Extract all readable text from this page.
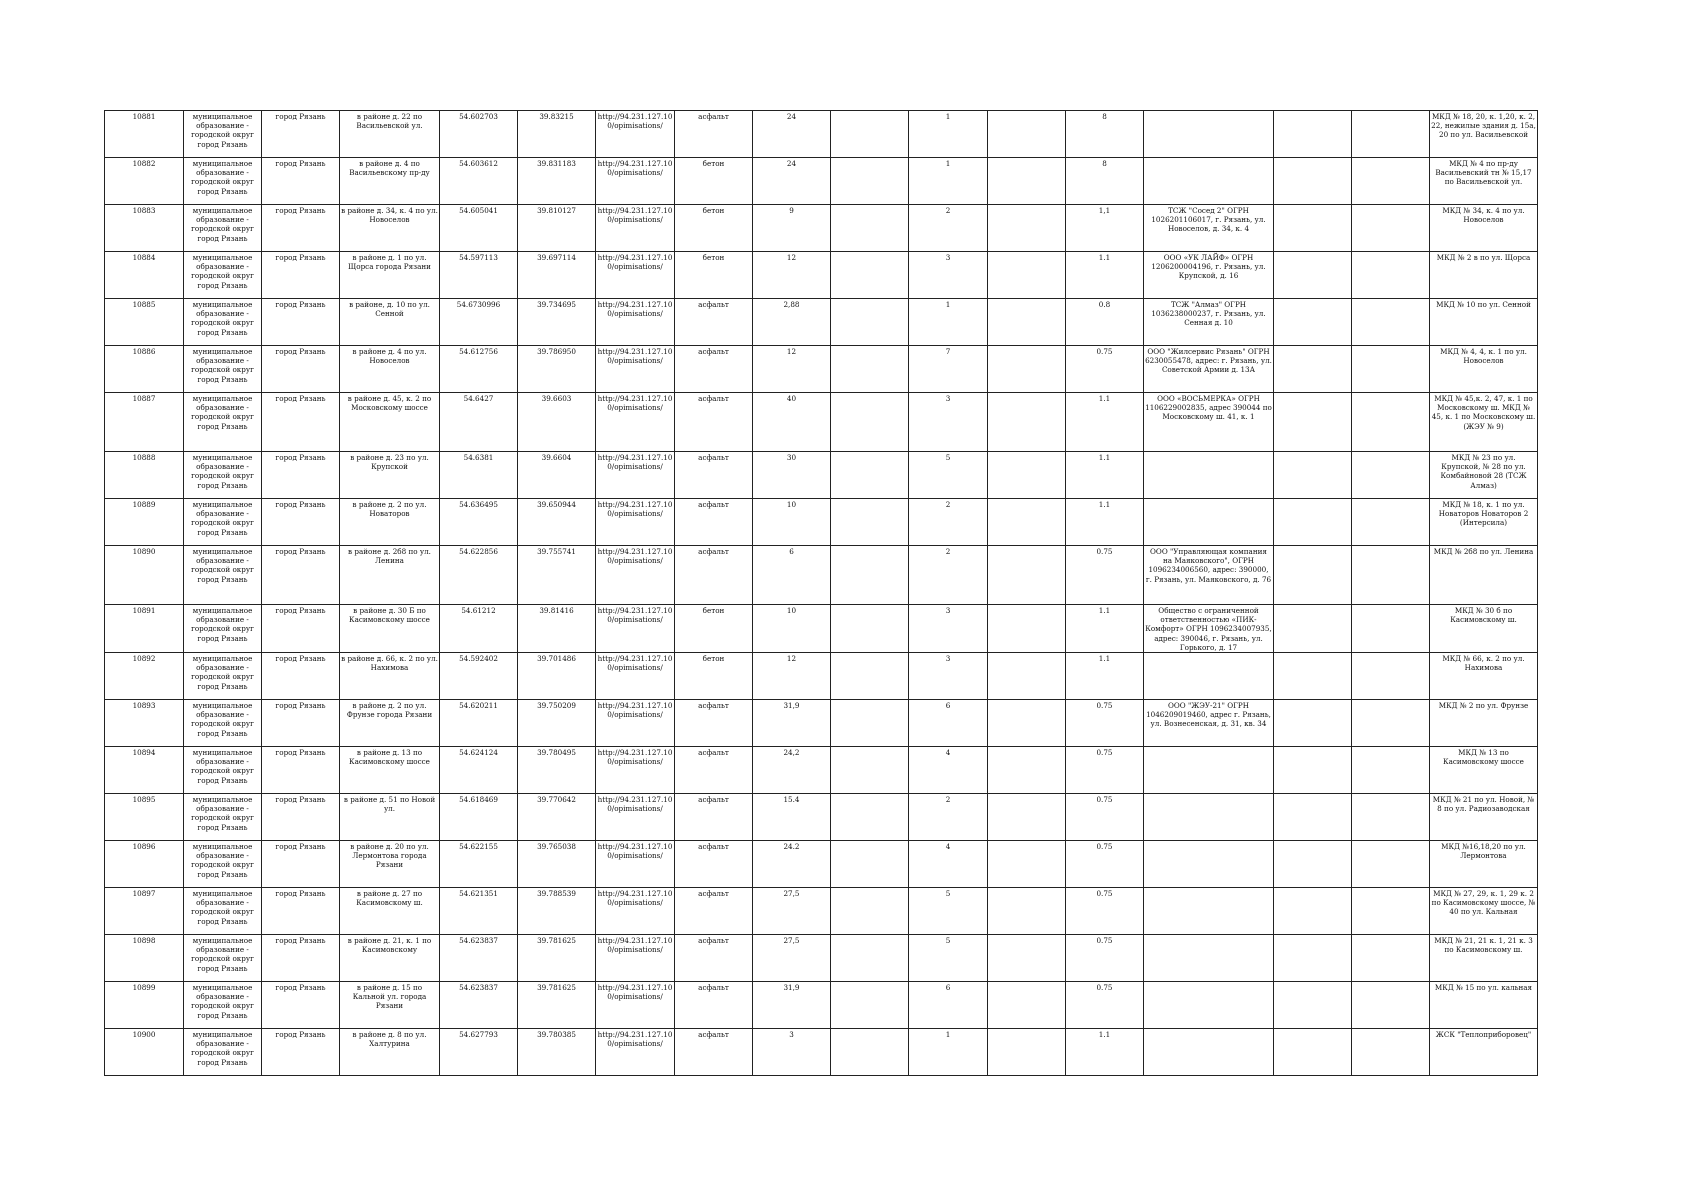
10881	муниципальное образование - городской округ город Рязань	город Рязань	в районе д. 22 по Васильевской ул.	54.602703	39.83215	http://94.231.127.10 0/opimisations/	асфальт	24		1		8				МКД № 18, 20, к. 1,20, к. 2, 22, нежилые здания д. 15а, 20 по ул. Васильевской
10882	муниципальное образование - городской округ город Рязань	город Рязань	в районе д. 4 по Васильевскому пр-ду	54.603612	39.831183	http://94.231.127.10 0/opimisations/	бетон	24		1		8				МКД № 4 по пр-ду Васильевский тн № 15,17 по Васильевской ул.
10883	муниципальное образование - городской округ город Рязань	город Рязань	в районе д. 34, к. 4 по ул. Новоселов	54.605041	39.810127	http://94.231.127.10 0/opimisations/	бетон	9		2		1,1	ТСЖ "Сосед 2" ОГРН 1026201106017, г. Рязань, ул. Новоселов, д. 34, к. 4			МКД № 34, к. 4 по ул. Новоселов
10884	муниципальное образование - городской округ город Рязань	город Рязань	в районе д. 1 по ул. Щорса города Рязани	54.597113	39.697114	http://94.231.127.10 0/opimisations/	бетон	12		3		1.1	ООО «УК ЛАЙФ» ОГРН 1206200004196, г. Рязань, ул. Крупской, д. 16			МКД № 2 в по ул. Щорса
10885	муниципальное образование - городской округ город Рязань	город Рязань	в районе, д. 10 по ул. Сенной	54.6730996	39.734695	http://94.231.127.10 0/opimisations/	асфальт	2,88		1		0.8	ТСЖ "Алмаз" ОГРН 1036238000237, г. Рязань, ул. Сенная д. 10			МКД № 10 по ул. Сенной
10886	муниципальное образование - городской округ город Рязань	город Рязань	в районе д. 4 по ул. Новоселов	54.612756	39.786950	http://94.231.127.10 0/opimisations/	асфальт	12		7		0.75	ООО "Жилсервис Рязань" ОГРН 6230055478, адрес: г. Рязань, ул. Советской Армии д. 13А			МКД № 4, 4, к. 1 по ул. Новоселов
10887	муниципальное образование - городской округ город Рязань	город Рязань	в районе д. 45, к. 2 по Московскому шоссе	54.6427	39.6603	http://94.231.127.10 0/opimisations/	асфальт	40		3		1.1	ООО «ВОСЬМЕРКА» ОГРН 1106229002835, адрес 390044 по Московскому ш. 41, к. 1			МКД № 45,к. 2, 47, к. 1 по Московскому ш. МКД № 45, к. 1 по Московскому ш. (ЖЭУ № 9)
10888	муниципальное образование - городской округ город Рязань	город Рязань	в районе д. 23 по ул. Крупской	54.6381	39.6604	http://94.231.127.10 0/opimisations/	асфальт	30		5		1.1				МКД № 23 по ул. Крупской, № 28 по ул. Комбайновой 28 (ТСЖ Алмаз)
10889	муниципальное образование - городской округ город Рязань	город Рязань	в районе д. 2 по ул. Новаторов	54.636495	39.650944	http://94.231.127.10 0/opimisations/	асфальт	10		2		1.1				МКД № 18, к. 1 по ул. Новаторов Новаторов 2 (Интерсила)
10890	муниципальное образование - городской округ город Рязань	город Рязань	в районе д. 2б8 по ул. Ленина	54.622856	39.755741	http://94.231.127.10 0/opimisations/	асфальт	6		2		0.75	ООО "Управляющая компания на Маяковского", ОГРН 1096234006560, адрес: 390000, г. Рязань, ул. Маяковского, д. 76			МКД № 2б8 по ул. Ленина
10891	муниципальное образование - городской округ город Рязань	город Рязань	в районе д. 30 Б по Касимовскому шоссе	54.61212	39.81416	http://94.231.127.10 0/opimisations/	бетон	10		3		1.1	Общество с ограниченной ответственностью «ПИК-Комфорт» ОГРН 1096234007935, адрес: 390046, г. Рязань, ул. Горького, д. 17			МКД № 30 б по Касимовскому ш.
10892	муниципальное образование - городской округ город Рязань	город Рязань	в районе д. 66, к. 2 по ул. Нахимова	54.592402	39.701486	http://94.231.127.10 0/opimisations/	бетон	12		3		1.1				МКД № 66, к. 2 по ул. Нахимова
10893	муниципальное образование - городской округ город Рязань	город Рязань	в районе д. 2 по ул. Фрунзе города Рязани	54.620211	39.750209	http://94.231.127.10 0/opimisations/	асфальт	31,9		6		0.75	ООО "ЖЭУ-21" ОГРН 1046209019460, адрес г. Рязань, ул. Вознесенская, д. 31, кв. 34			МКД № 2 по ул. Фрунзе
10894	муниципальное образование - городской округ город Рязань	город Рязань	в районе д. 13 по Касимовскому шоссе	54.624124	39.780495	http://94.231.127.10 0/opimisations/	асфальт	24,2		4		0.75				МКД № 13 по Касимовскому шоссе
10895	муниципальное образование - городской округ город Рязань	город Рязань	в районе д. 51 по Новой ул.	54.618469	39.770642	http://94.231.127.10 0/opimisations/	асфальт	15.4		2		0.75				МКД № 21 по ул. Новой, № 8 по ул. Радиозаводская
10896	муниципальное образование - городской округ город Рязань	город Рязань	в районе д. 20 по ул. Лермонтова города Рязани	54.622155	39.765038	http://94.231.127.10 0/opimisations/	асфальт	24.2		4		0.75				МКД №16,18,20 по ул. Лермонтова
10897	муниципальное образование - городской округ город Рязань	город Рязань	в районе д. 27 по Касимовскому ш.	54.621351	39.788539	http://94.231.127.10 0/opimisations/	асфальт	27,5		5		0.75				МКД № 27, 29, к. 1, 29 к. 2 по Касимовскому шоссе, № 40 по ул. Кальная
10898	муниципальное образование - городской округ город Рязань	город Рязань	в районе д. 21, к. 1 по Касимовскому	54.623837	39.781625	http://94.231.127.10 0/opimisations/	асфальт	27,5		5		0.75				МКД № 21, 21 к. 1, 21 к. 3 по Касимовскому ш.
10899	муниципальное образование - городской округ город Рязань	город Рязань	в районе д. 15 по Кальной ул. города Рязани	54.623837	39.781625	http://94.231.127.10 0/opimisations/	асфальт	31,9		6		0.75				МКД № 15 по ул. кальная
10900	муниципальное образование - городской округ город Рязань	город Рязань	в районе д. 8 по ул. Халтурина	54.627793	39.780385	http://94.231.127.10 0/opimisations/	асфальт	3		1		1.1				ЖСК "Теплоприборовец"
